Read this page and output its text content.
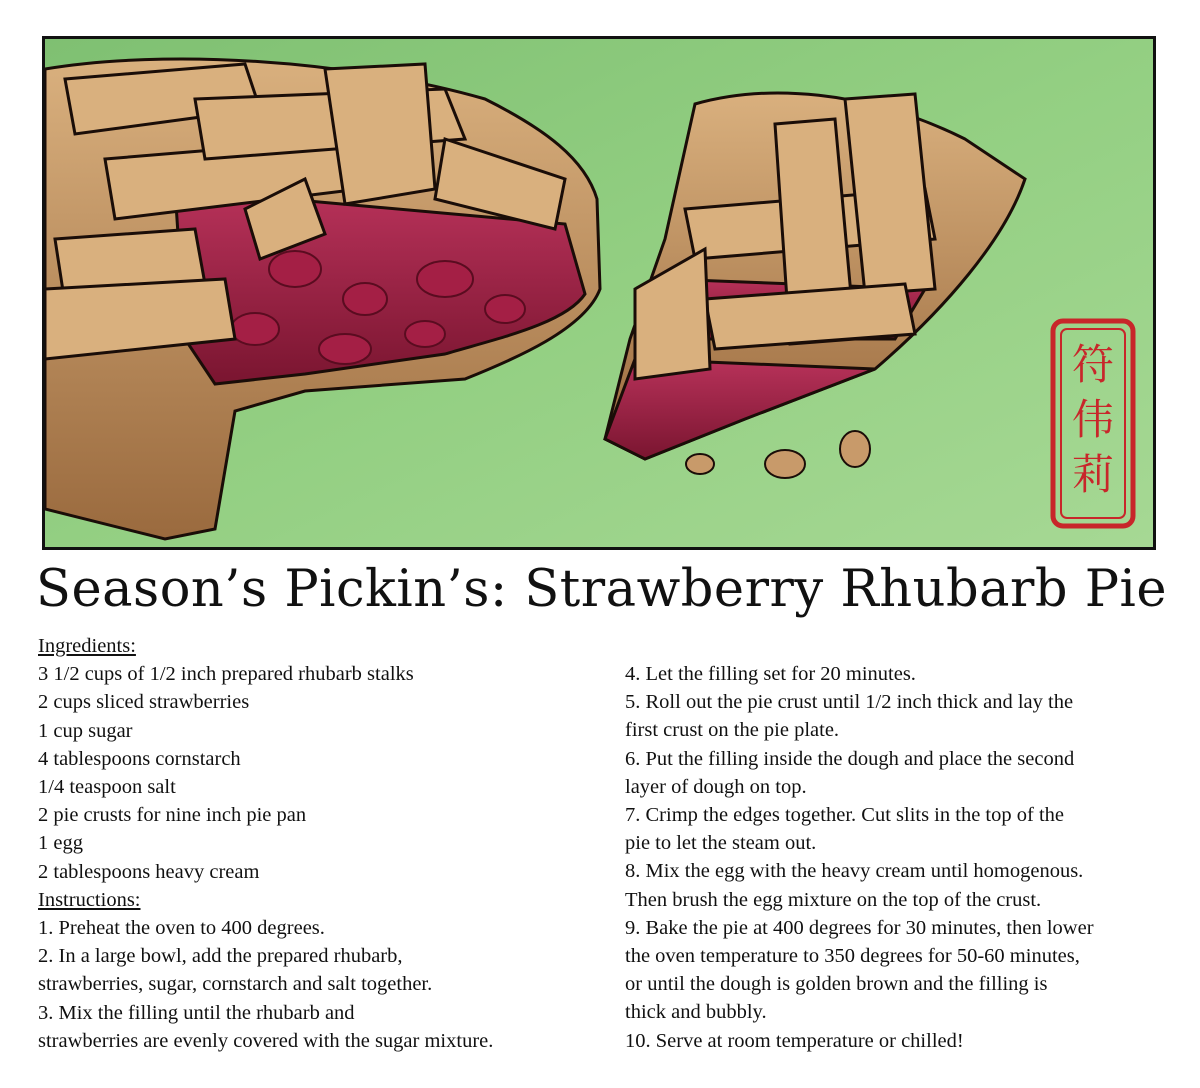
符
伟
莉
Season’s Pickin’s: Strawberry Rhubarb Pie
Ingredients:
3 1/2 cups of 1/2 inch prepared rhubarb stalks
2 cups sliced strawberries
1 cup sugar
4 tablespoons cornstarch
1/4 teaspoon salt
2 pie crusts for nine inch pie pan
1 egg
2 tablespoons heavy cream
Instructions:
1. Preheat the oven to 400 degrees.
2. In a large bowl, add the prepared rhubarb,
strawberries, sugar, cornstarch and salt together.
3. Mix the filling until the rhubarb and
strawberries are evenly covered with the sugar mixture.
4. Let the filling set for 20 minutes.
5. Roll out the pie crust until 1/2 inch thick and lay the
first crust on the pie plate.
6. Put the filling inside the dough and place the second
layer of dough on top.
7. Crimp the edges together. Cut slits in the top of the
pie to let the steam out.
8. Mix the egg with the heavy cream until homogenous.
Then brush the egg mixture on the top of the crust.
9. Bake the pie at 400 degrees for 30 minutes, then lower
the oven temperature to 350 degrees for 50-60 minutes,
or until the dough is golden brown and the filling is
thick and bubbly.
10. Serve at room temperature or chilled!
